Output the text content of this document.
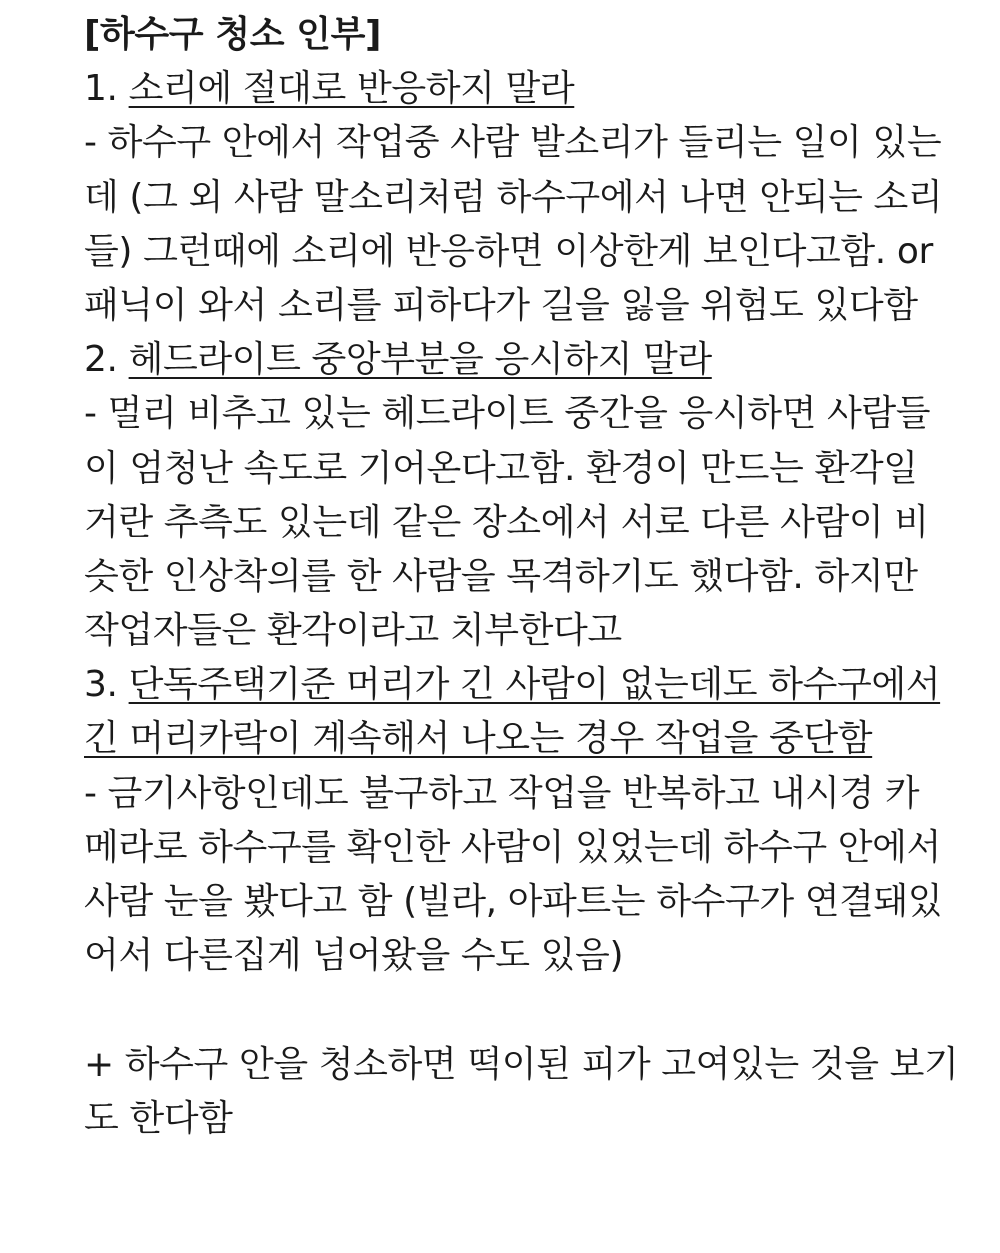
[하수구 청소 인부]
1. 소리에 절대로 반응하지 말라
- 하수구 안에서 작업중 사람 발소리가 들리는 일이 있는
데 (그 외 사람 말소리처럼 하수구에서 나면 안되는 소리
들) 그런때에 소리에 반응하면 이상한게 보인다고함. or
패닉이 와서 소리를 피하다가 길을 잃을 위험도 있다함
2. 헤드라이트 중앙부분을 응시하지 말라
- 멀리 비추고 있는 헤드라이트 중간을 응시하면 사람들
이 엄청난 속도로 기어온다고함. 환경이 만드는 환각일
거란 추측도 있는데 같은 장소에서 서로 다른 사람이 비
슷한 인상착의를 한 사람을 목격하기도 했다함. 하지만
작업자들은 환각이라고 치부한다고
3. 단독주택기준 머리가 긴 사람이 없는데도 하수구에서
긴 머리카락이 계속해서 나오는 경우 작업을 중단함
- 금기사항인데도 불구하고 작업을 반복하고 내시경 카
메라로 하수구를 확인한 사람이 있었는데 하수구 안에서
사람 눈을 봤다고 함 (빌라, 아파트는 하수구가 연결돼있
어서 다른집게 넘어왔을 수도 있음)
+ 하수구 안을 청소하면 떡이된 피가 고여있는 것을 보기
도 한다함
